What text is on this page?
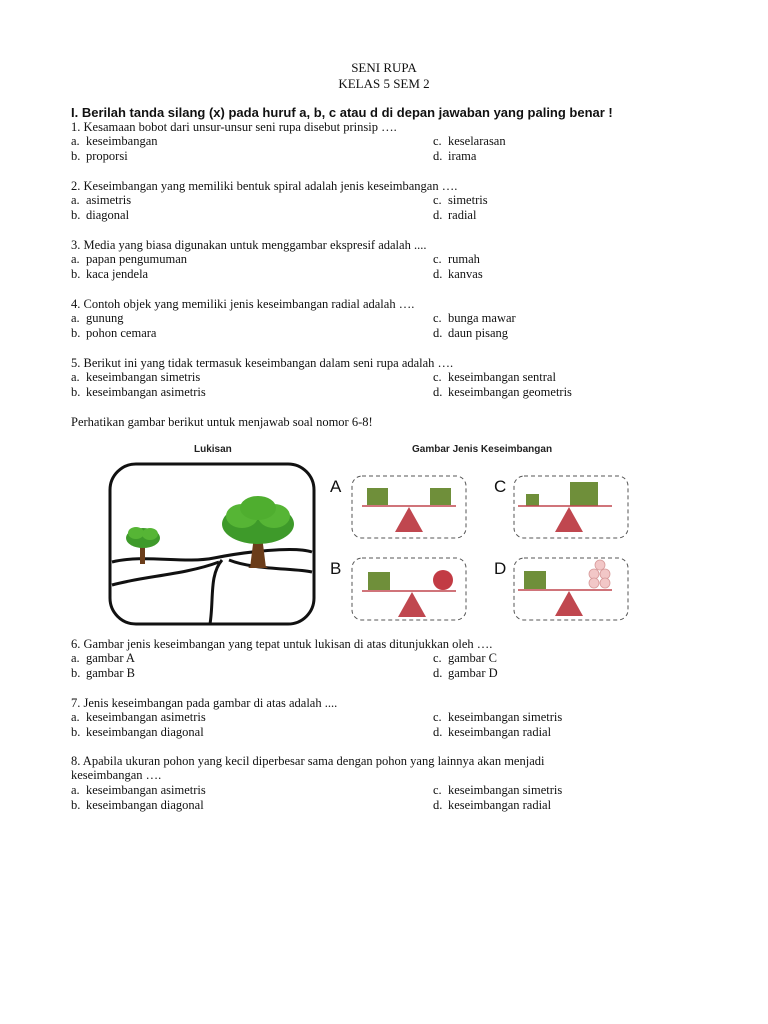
SENI RUPA
KELAS 5 SEM 2
I. Berilah tanda silang (x) pada huruf a, b, c atau d di depan jawaban yang paling benar !
1. Kesamaan bobot dari unsur-unsur seni rupa disebut prinsip ….
a. keseimbangan
b. proporsi
c. keselarasan
d. irama
2. Keseimbangan yang memiliki bentuk spiral adalah jenis keseimbangan ….
a. asimetris
b. diagonal
c. simetris
d. radial
3. Media yang biasa digunakan untuk menggambar ekspresif adalah ....
a. papan pengumuman
b. kaca jendela
c. rumah
d. kanvas
4. Contoh objek yang memiliki jenis keseimbangan radial adalah ….
a. gunung
b. pohon cemara
c. bunga mawar
d. daun pisang
5. Berikut ini yang tidak termasuk keseimbangan dalam seni rupa adalah ….
a. keseimbangan simetris
b. keseimbangan asimetris
c. keseimbangan sentral
d. keseimbangan geometris
Perhatikan gambar berikut untuk menjawab soal nomor 6-8!
Lukisan	Gambar Jenis Keseimbangan
A	C
B	D
6. Gambar jenis keseimbangan yang tepat untuk lukisan di atas ditunjukkan oleh ….
a. gambar A
b. gambar B
c. gambar C
d. gambar D
7. Jenis keseimbangan pada gambar di atas adalah ....
a. keseimbangan asimetris
b. keseimbangan diagonal
c. keseimbangan simetris
d. keseimbangan radial
8. Apabila ukuran pohon yang kecil diperbesar sama dengan pohon yang lainnya akan menjadi
keseimbangan ….
a. keseimbangan asimetris
b. keseimbangan diagonal
c. keseimbangan simetris
d. keseimbangan radial
